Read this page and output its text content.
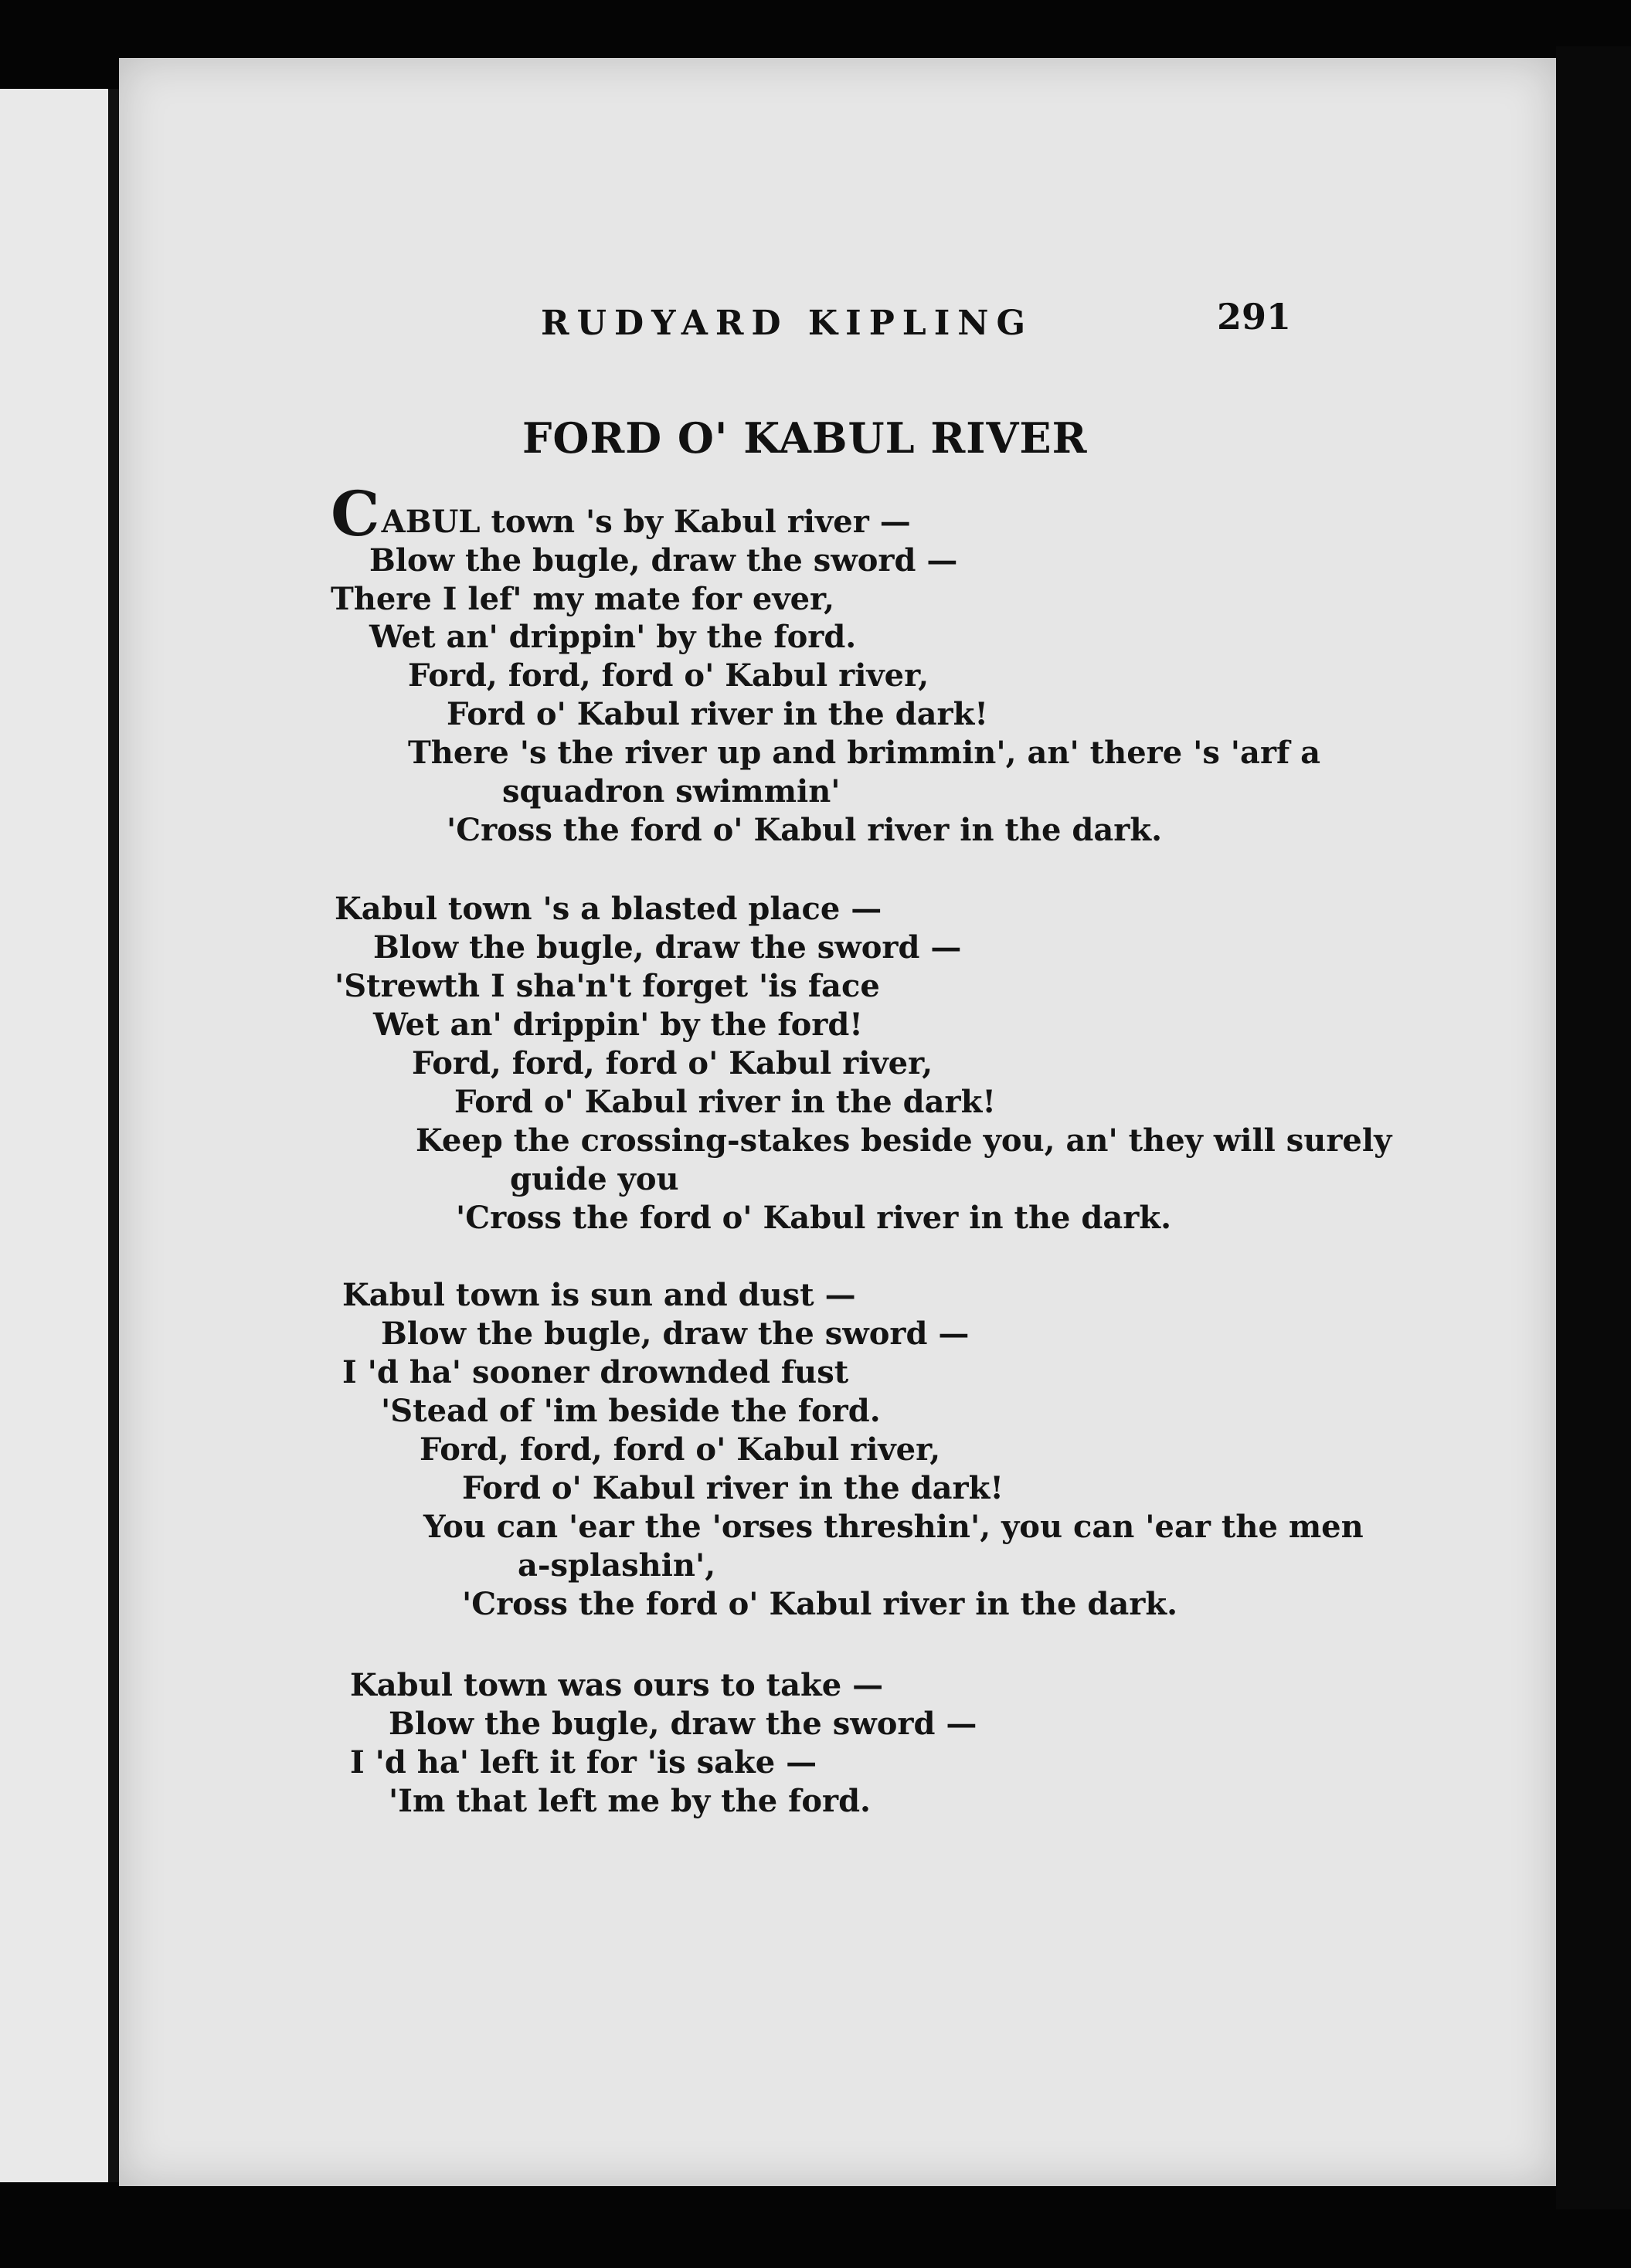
RUDYARD KIPLING	291
FORD O' KABUL RIVER
CABUL town 's by Kabul river —
Blow the bugle, draw the sword —
There I lef' my mate for ever,
Wet an' drippin' by the ford.
Ford, ford, ford o' Kabul river,
Ford o' Kabul river in the dark!
There 's the river up and brimmin', an' there 's 'arf a
squadron swimmin'
'Cross the ford o' Kabul river in the dark.
Kabul town 's a blasted place —
Blow the bugle, draw the sword —
'Strewth I sha'n't forget 'is face
Wet an' drippin' by the ford!
Ford, ford, ford o' Kabul river,
Ford o' Kabul river in the dark!
Keep the crossing-stakes beside you, an' they will surely
guide you
'Cross the ford o' Kabul river in the dark.
Kabul town is sun and dust —
Blow the bugle, draw the sword —
I 'd ha' sooner drownded fust
'Stead of 'im beside the ford.
Ford, ford, ford o' Kabul river,
Ford o' Kabul river in the dark!
You can 'ear the 'orses threshin', you can 'ear the men
a-splashin',
'Cross the ford o' Kabul river in the dark.
Kabul town was ours to take —
Blow the bugle, draw the sword —
I 'd ha' left it for 'is sake —
'Im that left me by the ford.
